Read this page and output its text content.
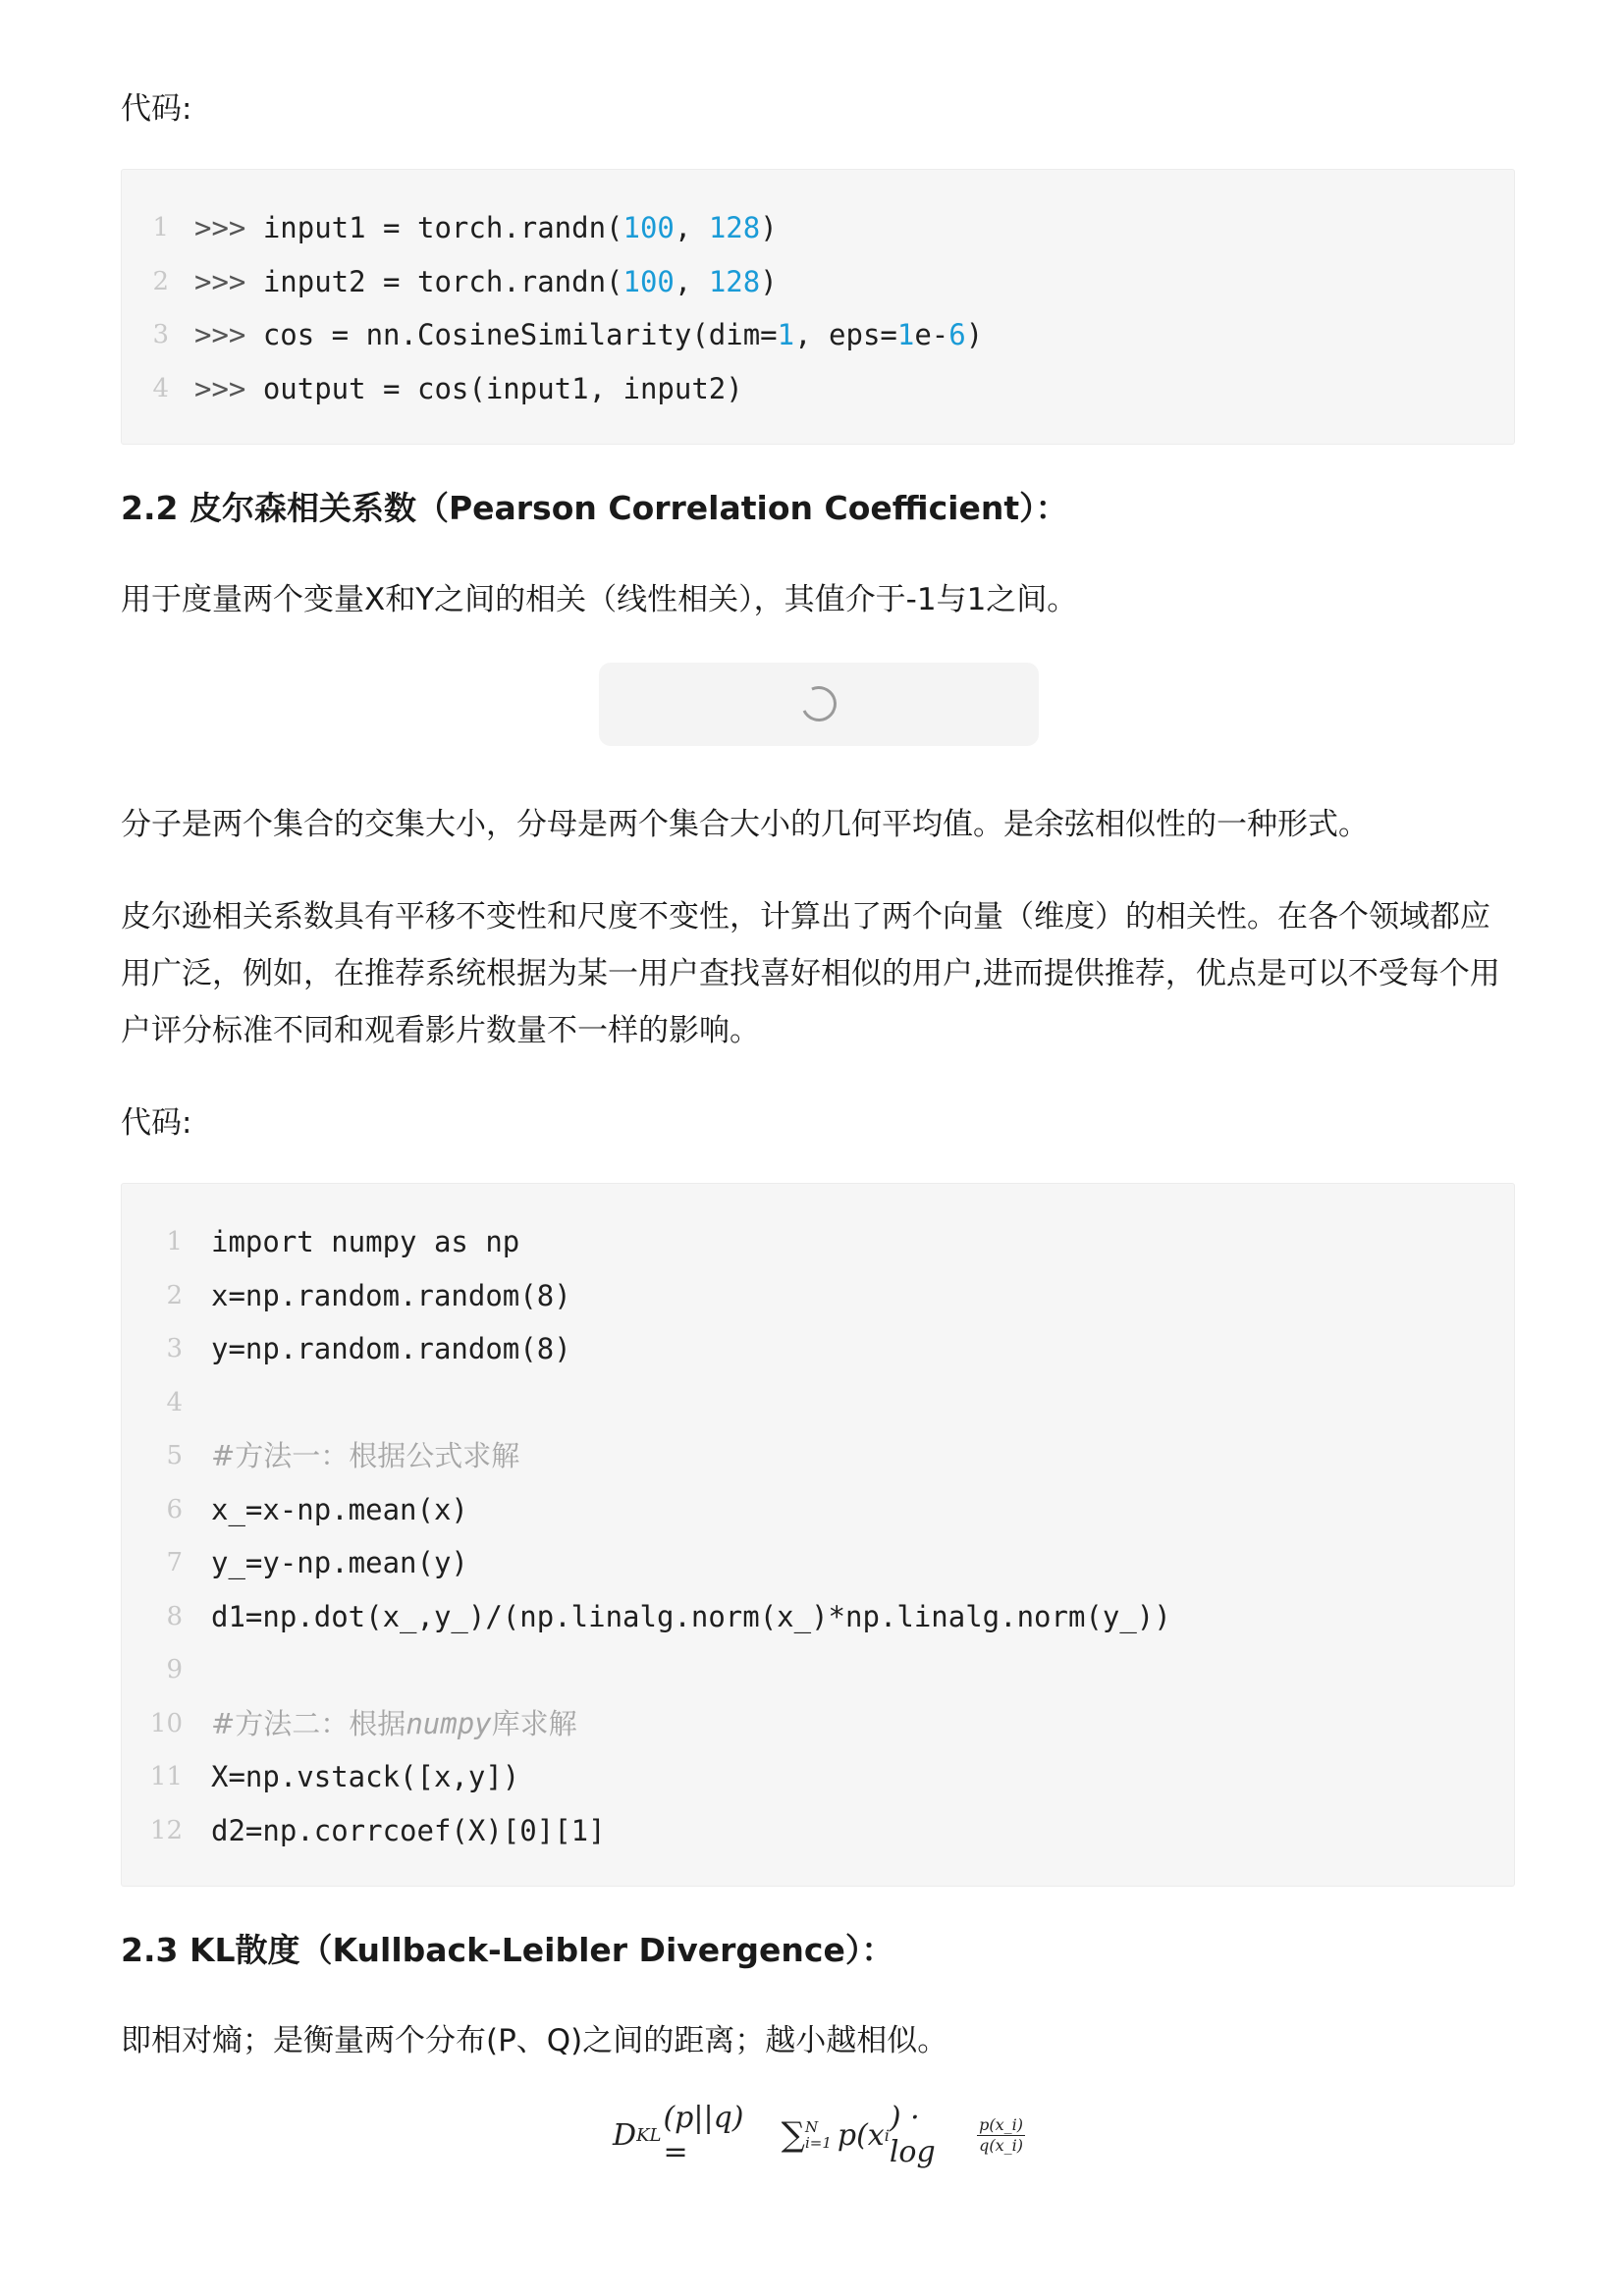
代码:
1 >>> input1 = torch.randn(100, 128)
2 >>> input2 = torch.randn(100, 128)
3 >>> cos = nn.CosineSimilarity(dim=1, eps=1e-6)
4 >>> output = cos(input1, input2)
2.2 皮尔森相关系数（Pearson Correlation Coefficient）：
用于度量两个变量X和Y之间的相关（线性相关），其值介于-1与1之间。
分子是两个集合的交集大小，分母是两个集合大小的几何平均值。是余弦相似性的一种形式。
皮尔逊相关系数具有平移不变性和尺度不变性，计算出了两个向量（维度）的相关性。在各个领域都应用广泛，例如，在推荐系统根据为某一用户查找喜好相似的用户,进而提供推荐，优点是可以不受每个用户评分标准不同和观看影片数量不一样的影响。
代码:
1 import numpy as np
2 x=np.random.random(8)
3 y=np.random.random(8)
4
5 #方法一：根据公式求解
6 x_=x-np.mean(x)
7 y_=y-np.mean(y)
8 d1=np.dot(x_,y_)/(np.linalg.norm(x_)*np.linalg.norm(y_))
9
10 #方法二：根据numpy库求解
11 X=np.vstack([x,y])
12 d2=np.corrcoef(X)[0][1]
2.3 KL散度（Kullback-Leibler Divergence）：
即相对熵；是衡量两个分布(P、Q)之间的距离；越小越相似。
D KL (p||q) =	∑ N
i=1 p(x i ) · log	$\frac{p(x\_i)}{q(x\_i)}$
